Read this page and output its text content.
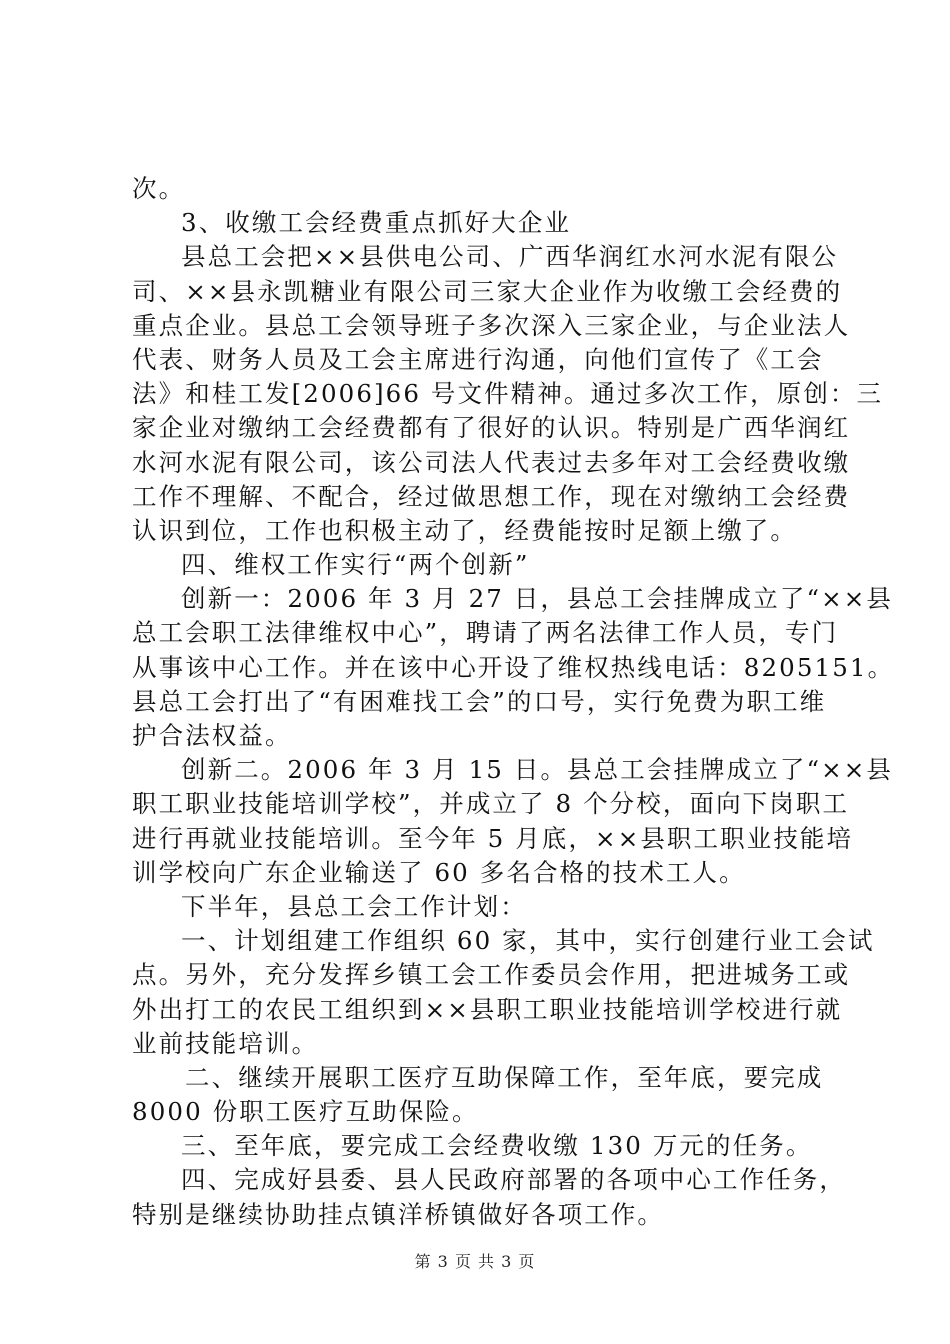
次。
3、收缴工会经费重点抓好大企业
县总工会把××县供电公司、广西华润红水河水泥有限公
司、××县永凯糖业有限公司三家大企业作为收缴工会经费的
重点企业。县总工会领导班子多次深入三家企业，与企业法人
代表、财务人员及工会主席进行沟通，向他们宣传了《工会
法》和桂工发[2006]66 号文件精神。通过多次工作，原创：三
家企业对缴纳工会经费都有了很好的认识。特别是广西华润红
水河水泥有限公司，该公司法人代表过去多年对工会经费收缴
工作不理解、不配合，经过做思想工作，现在对缴纳工会经费
认识到位，工作也积极主动了，经费能按时足额上缴了。
四、维权工作实行“两个创新”
创新一：2006 年 3 月 27 日，县总工会挂牌成立了“××县
总工会职工法律维权中心”，聘请了两名法律工作人员，专门
从事该中心工作。并在该中心开设了维权热线电话：8205151。
县总工会打出了“有困难找工会”的口号，实行免费为职工维
护合法权益。
创新二。2006 年 3 月 15 日。县总工会挂牌成立了“××县
职工职业技能培训学校”，并成立了 8 个分校，面向下岗职工
进行再就业技能培训。至今年 5 月底，××县职工职业技能培
训学校向广东企业输送了 60 多名合格的技术工人。
下半年，县总工会工作计划：
一、计划组建工作组织 60 家，其中，实行创建行业工会试
点。另外，充分发挥乡镇工会工作委员会作用，把进城务工或
外出打工的农民工组织到××县职工职业技能培训学校进行就
业前技能培训。
二、继续开展职工医疗互助保障工作，至年底，要完成
8000 份职工医疗互助保险。
三、至年底，要完成工会经费收缴 130 万元的任务。
四、完成好县委、县人民政府部署的各项中心工作任务，
特别是继续协助挂点镇洋桥镇做好各项工作。
第 3 页 共 3 页
